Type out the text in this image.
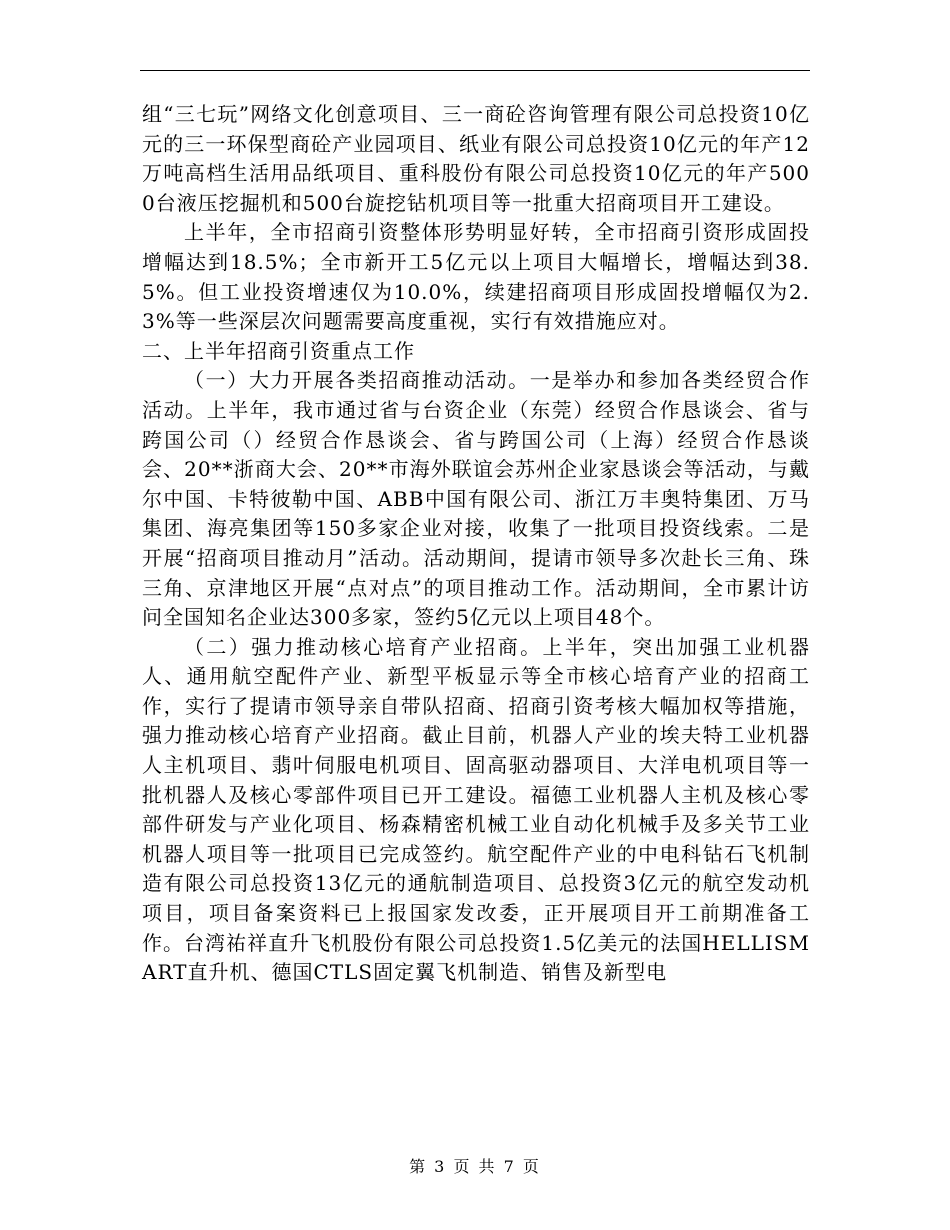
组“三七玩”网络文化创意项目、三一商砼咨询管理有限公司总投资10亿元的三一环保型商砼产业园项目、纸业有限公司总投资10亿元的年产12万吨高档生活用品纸项目、重科股份有限公司总投资10亿元的年产5000台液压挖掘机和500台旋挖钻机项目等一批重大招商项目开工建设。

上半年，全市招商引资整体形势明显好转，全市招商引资形成固投增幅达到18.5%；全市新开工5亿元以上项目大幅增长，增幅达到38.5%。但工业投资增速仅为10.0%，续建招商项目形成固投增幅仅为2.3%等一些深层次问题需要高度重视，实行有效措施应对。

二、上半年招商引资重点工作

（一）大力开展各类招商推动活动。一是举办和参加各类经贸合作活动。上半年，我市通过省与台资企业（东莞）经贸合作恳谈会、省与跨国公司（）经贸合作恳谈会、省与跨国公司（上海）经贸合作恳谈会、20**浙商大会、20**市海外联谊会苏州企业家恳谈会等活动，与戴尔中国、卡特彼勒中国、ABB中国有限公司、浙江万丰奥特集团、万马集团、海亮集团等150多家企业对接，收集了一批项目投资线索。二是开展“招商项目推动月”活动。活动期间，提请市领导多次赴长三角、珠三角、京津地区开展“点对点”的项目推动工作。活动期间，全市累计访问全国知名企业达300多家，签约5亿元以上项目48个。

（二）强力推动核心培育产业招商。上半年，突出加强工业机器人、通用航空配件产业、新型平板显示等全市核心培育产业的招商工作，实行了提请市领导亲自带队招商、招商引资考核大幅加权等措施，强力推动核心培育产业招商。截止目前，机器人产业的埃夫特工业机器人主机项目、翡叶伺服电机项目、固高驱动器项目、大洋电机项目等一批机器人及核心零部件项目已开工建设。福德工业机器人主机及核心零部件研发与产业化项目、杨森精密机械工业自动化机械手及多关节工业机器人项目等一批项目已完成签约。航空配件产业的中电科钻石飞机制造有限公司总投资13亿元的通航制造项目、总投资3亿元的航空发动机项目，项目备案资料已上报国家发改委，正开展项目开工前期准备工作。台湾祐祥直升飞机股份有限公司总投资1.5亿美元的法国HELLISMART直升机、德国CTLS固定翼飞机制造、销售及新型电

第 3 页 共 7 页
